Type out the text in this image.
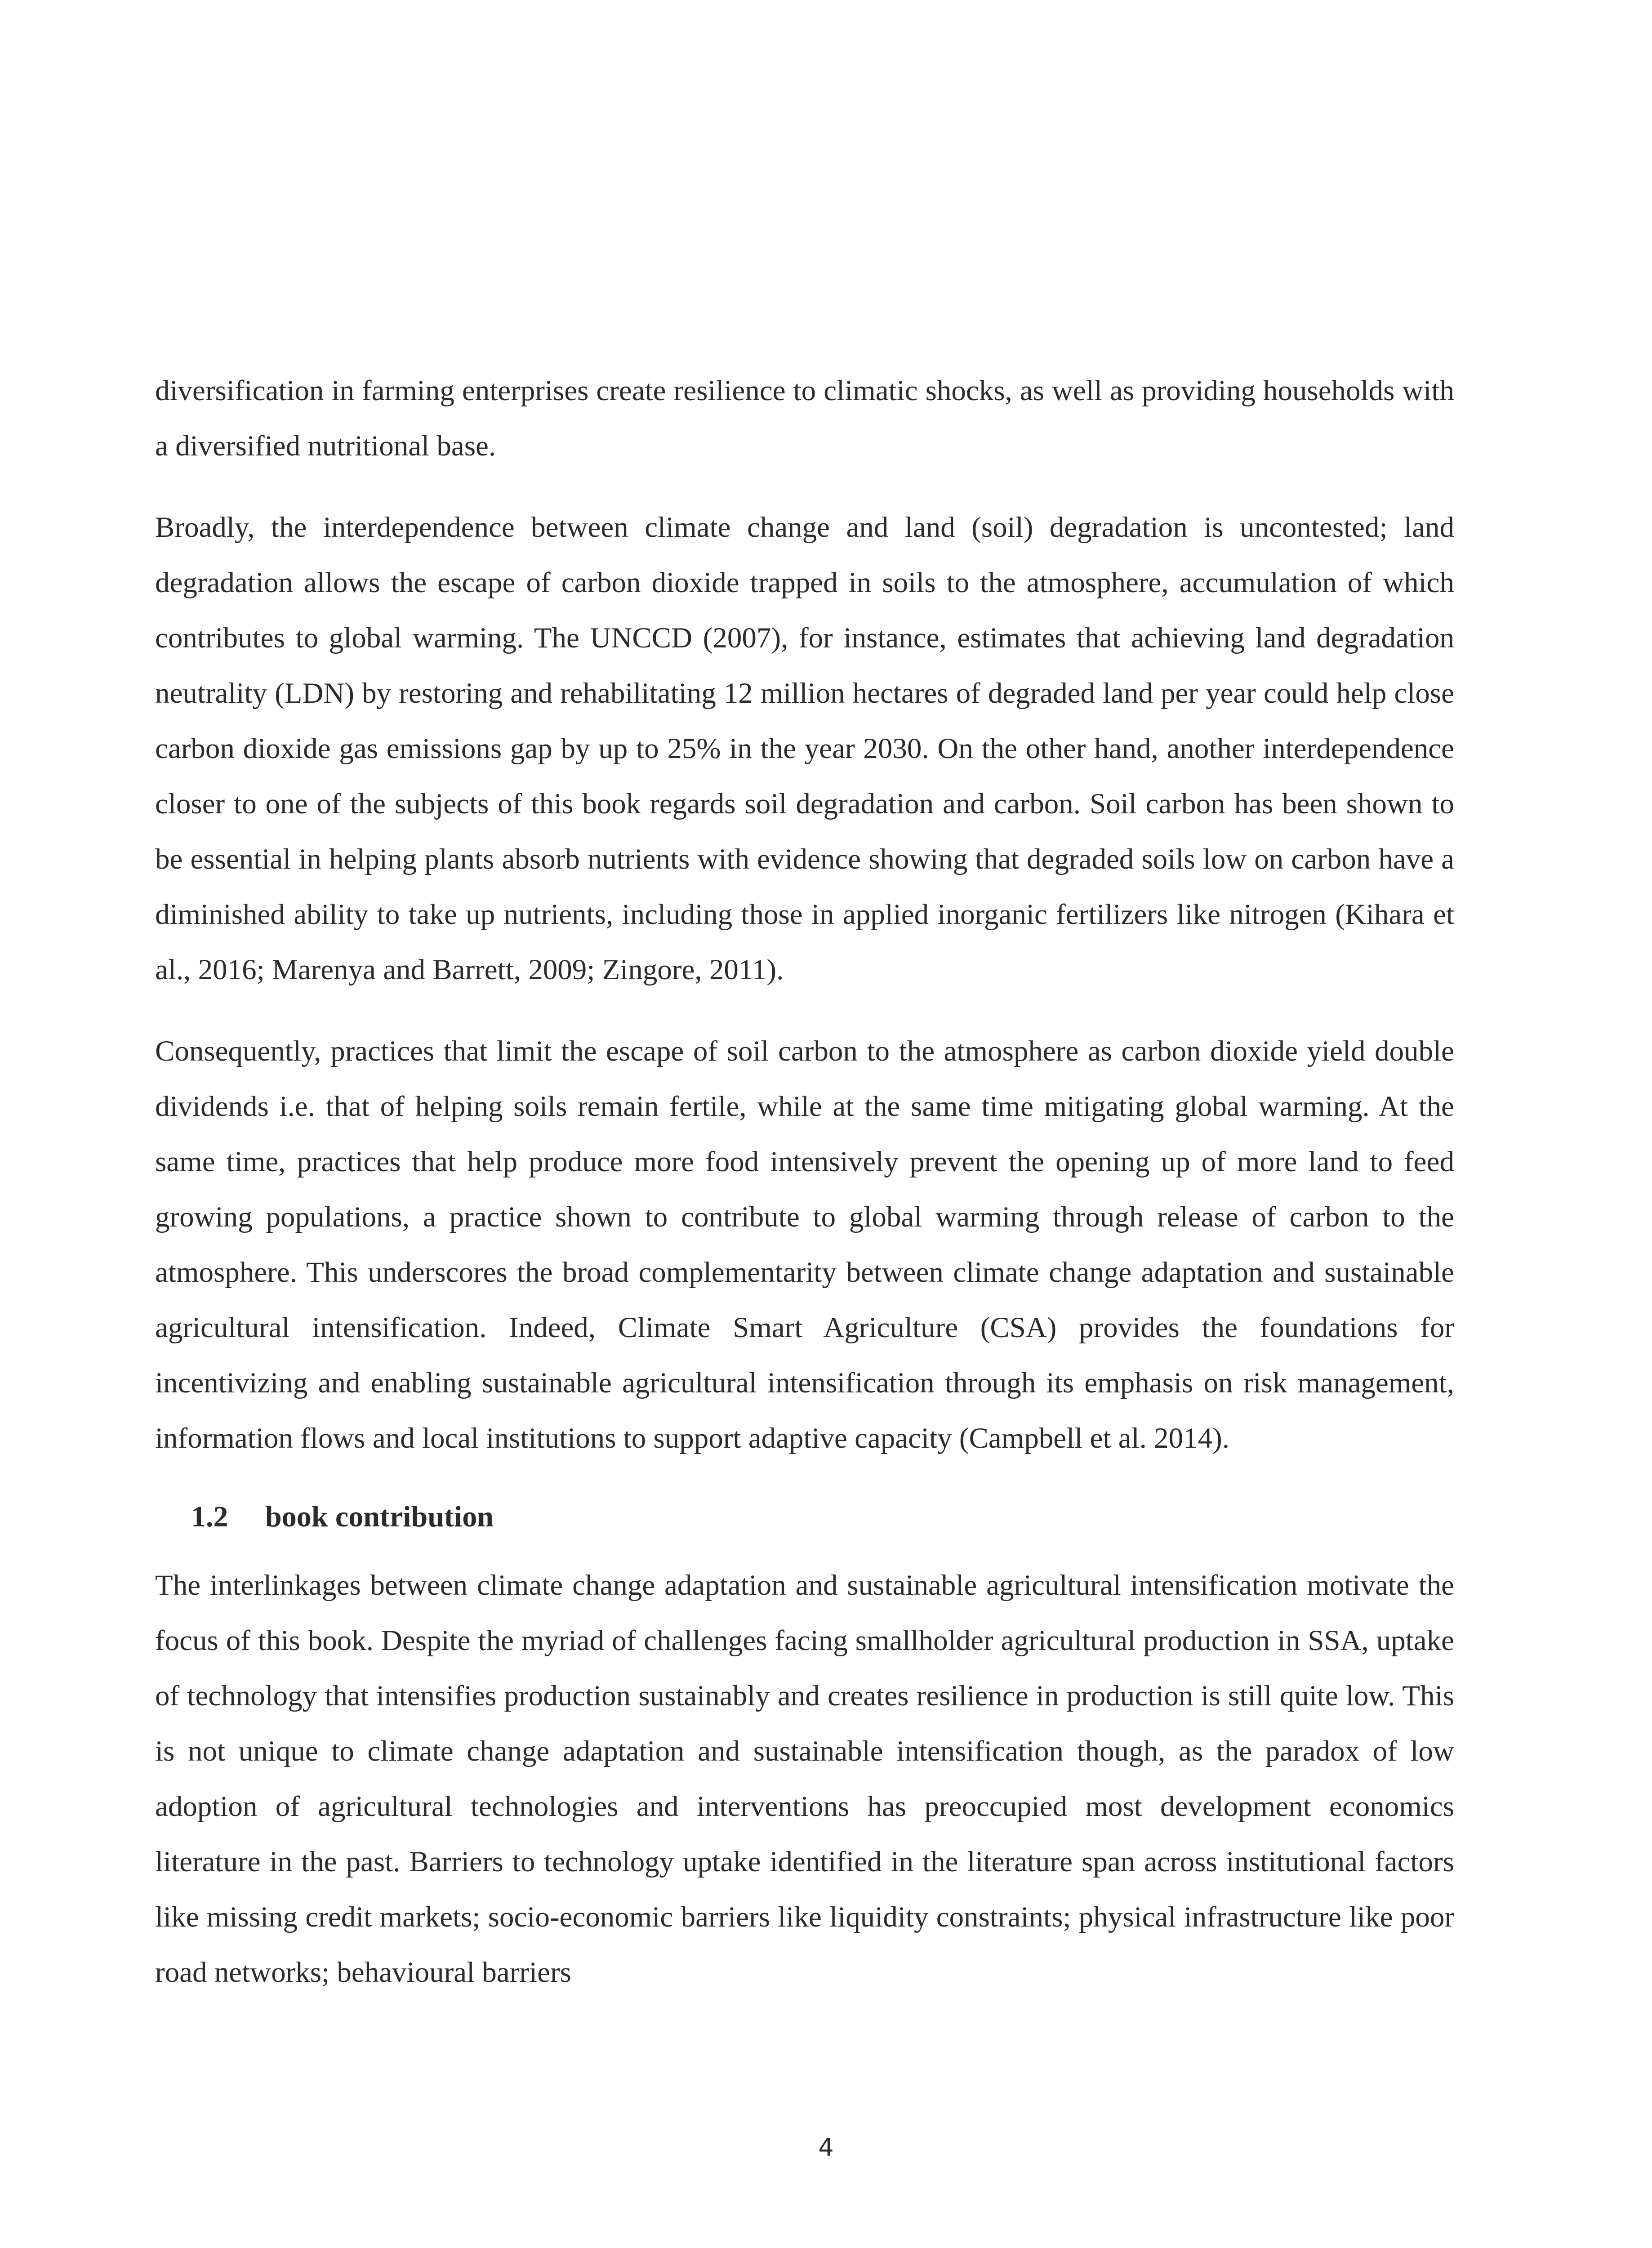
diversification in farming enterprises create resilience to climatic shocks, as well as providing households with a diversified nutritional base.

Broadly, the interdependence between climate change and land (soil) degradation is uncontested; land degradation allows the escape of carbon dioxide trapped in soils to the atmosphere, accumulation of which contributes to global warming. The UNCCD (2007), for instance, estimates that achieving land degradation neutrality (LDN) by restoring and rehabilitating 12 million hectares of degraded land per year could help close carbon dioxide gas emissions gap by up to 25% in the year 2030. On the other hand, another interdependence closer to one of the subjects of this book regards soil degradation and carbon. Soil carbon has been shown to be essential in helping plants absorb nutrients with evidence showing that degraded soils low on carbon have a diminished ability to take up nutrients, including those in applied inorganic fertilizers like nitrogen (Kihara et al., 2016; Marenya and Barrett, 2009; Zingore, 2011).

Consequently, practices that limit the escape of soil carbon to the atmosphere as carbon dioxide yield double dividends i.e. that of helping soils remain fertile, while at the same time mitigating global warming. At the same time, practices that help produce more food intensively prevent the opening up of more land to feed growing populations, a practice shown to contribute to global warming through release of carbon to the atmosphere. This underscores the broad complementarity between climate change adaptation and sustainable agricultural intensification. Indeed, Climate Smart Agriculture (CSA) provides the foundations for incentivizing and enabling sustainable agricultural intensification through its emphasis on risk management, information flows and local institutions to support adaptive capacity (Campbell et al. 2014).

1.2	book contribution

The interlinkages between climate change adaptation and sustainable agricultural intensification motivate the focus of this book. Despite the myriad of challenges facing smallholder agricultural production in SSA, uptake of technology that intensifies production sustainably and creates resilience in production is still quite low. This is not unique to climate change adaptation and sustainable intensification though, as the paradox of low adoption of agricultural technologies and interventions has preoccupied most development economics literature in the past. Barriers to technology uptake identified in the literature span across institutional factors like missing credit markets; socio-economic barriers like liquidity constraints; physical infrastructure like poor road networks; behavioural barriers

4
